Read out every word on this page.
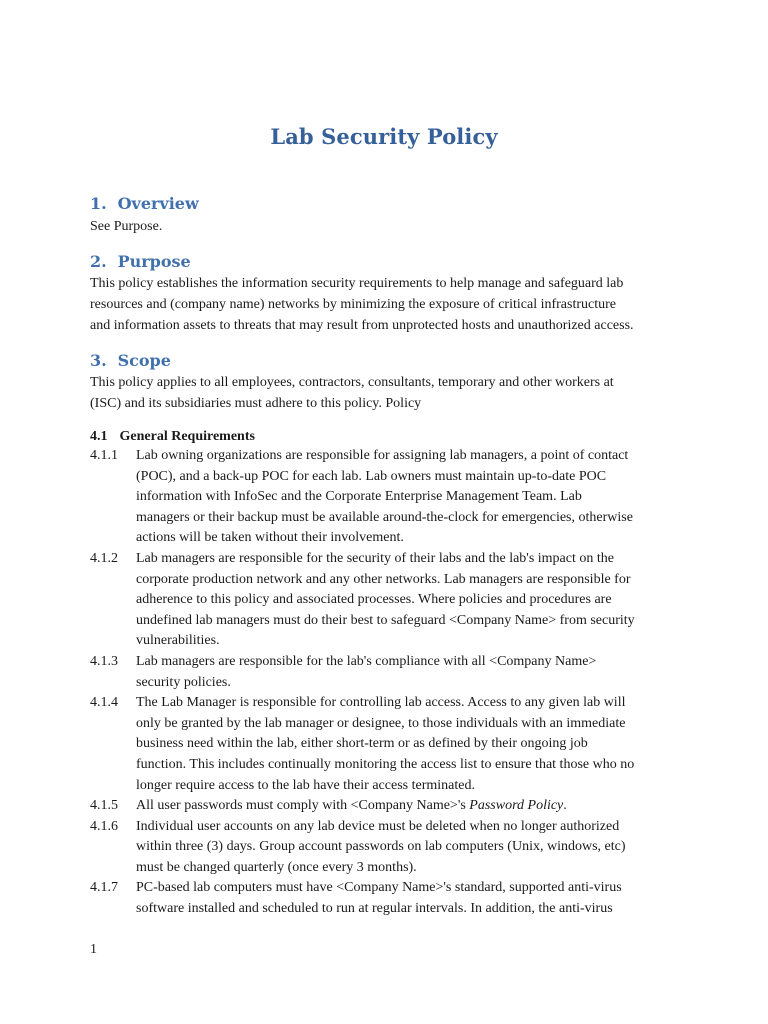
Lab Security Policy
1. Overview

See Purpose.

2. Purpose

This policy establishes the information security requirements to help manage and safeguard lab
resources and (company name) networks by minimizing the exposure of critical infrastructure
and information assets to threats that may result from unprotected hosts and unauthorized access.

3. Scope

This policy applies to all employees, contractors, consultants, temporary and other workers at
(ISC) and its subsidiaries must adhere to this policy. Policy

4.1 General Requirements
4.1.1 Lab owning organizations are responsible for assigning lab managers, a point of contact
(POC), and a back-up POC for each lab. Lab owners must maintain up-to-date POC
information with InfoSec and the Corporate Enterprise Management Team. Lab
managers or their backup must be available around-the-clock for emergencies, otherwise
actions will be taken without their involvement.
4.1.2 Lab managers are responsible for the security of their labs and the lab's impact on the
corporate production network and any other networks. Lab managers are responsible for
adherence to this policy and associated processes. Where policies and procedures are
undefined lab managers must do their best to safeguard <Company Name> from security
vulnerabilities.
4.1.3 Lab managers are responsible for the lab's compliance with all <Company Name>
security policies.
4.1.4 The Lab Manager is responsible for controlling lab access. Access to any given lab will
only be granted by the lab manager or designee, to those individuals with an immediate
business need within the lab, either short-term or as defined by their ongoing job
function. This includes continually monitoring the access list to ensure that those who no
longer require access to the lab have their access terminated.
4.1.5 All user passwords must comply with <Company Name>'s Password Policy.
4.1.6 Individual user accounts on any lab device must be deleted when no longer authorized
within three (3) days. Group account passwords on lab computers (Unix, windows, etc)
must be changed quarterly (once every 3 months).
4.1.7 PC-based lab computers must have <Company Name>'s standard, supported anti-virus
software installed and scheduled to run at regular intervals. In addition, the anti-virus
1
